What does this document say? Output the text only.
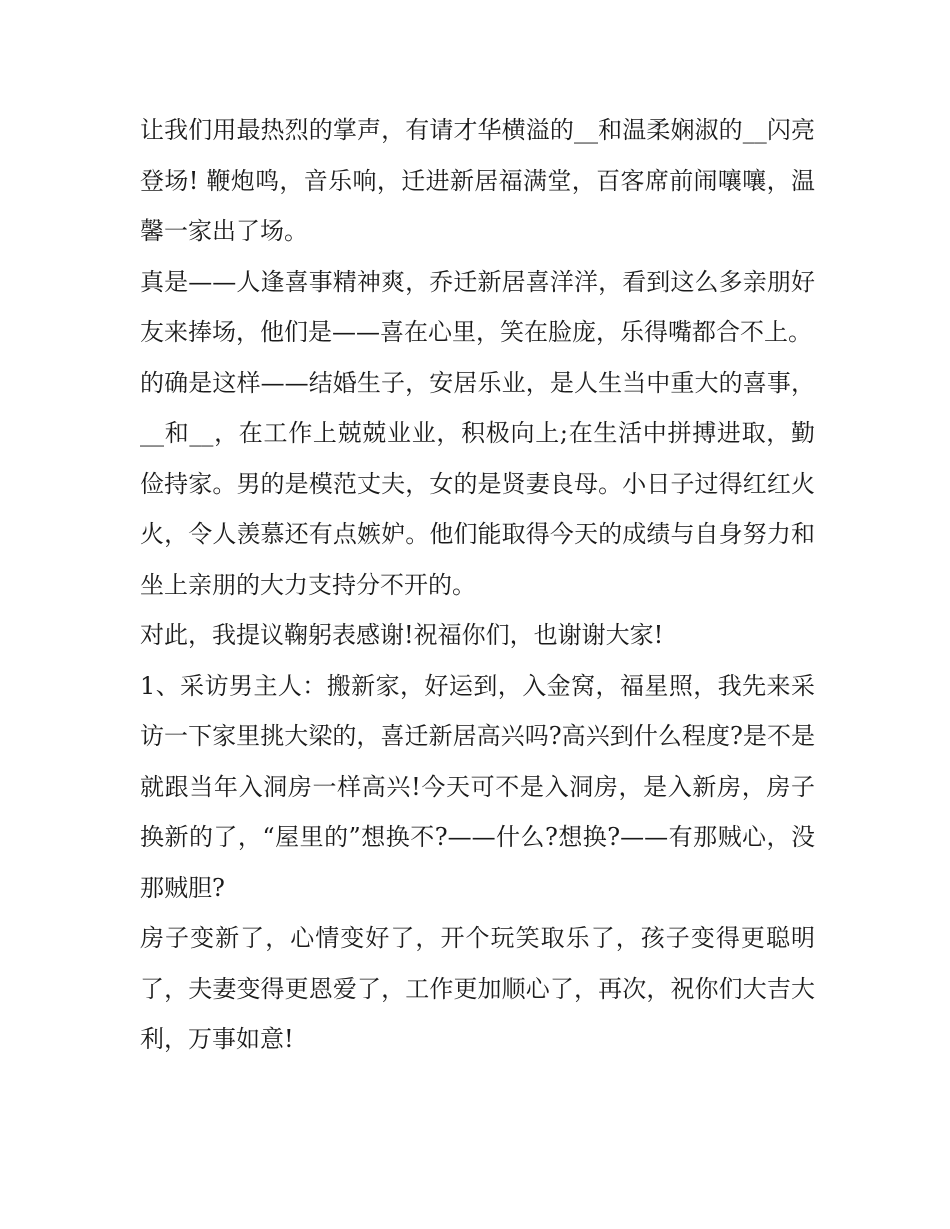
让我们用最热烈的掌声，有请才华横溢的__和温柔娴淑的__闪亮登场! 鞭炮鸣，音乐响，迁进新居福满堂，百客席前闹嚷嚷，温馨一家出了场。

真是——人逢喜事精神爽，乔迁新居喜洋洋，看到这么多亲朋好友来捧场，他们是——喜在心里，笑在脸庞，乐得嘴都合不上。

的确是这样——结婚生子，安居乐业，是人生当中重大的喜事，__和__，在工作上兢兢业业，积极向上;在生活中拼搏进取，勤俭持家。男的是模范丈夫，女的是贤妻良母。小日子过得红红火火，令人羡慕还有点嫉妒。他们能取得今天的成绩与自身努力和坐上亲朋的大力支持分不开的。

对此，我提议鞠躬表感谢!祝福你们，也谢谢大家!

1、采访男主人：搬新家，好运到，入金窝，福星照，我先来采访一下家里挑大梁的，喜迁新居高兴吗?高兴到什么程度?是不是就跟当年入洞房一样高兴!今天可不是入洞房，是入新房，房子换新的了，“屋里的”想换不?——什么?想换?——有那贼心，没那贼胆?

房子变新了，心情变好了，开个玩笑取乐了，孩子变得更聪明了，夫妻变得更恩爱了，工作更加顺心了，再次，祝你们大吉大利，万事如意!
